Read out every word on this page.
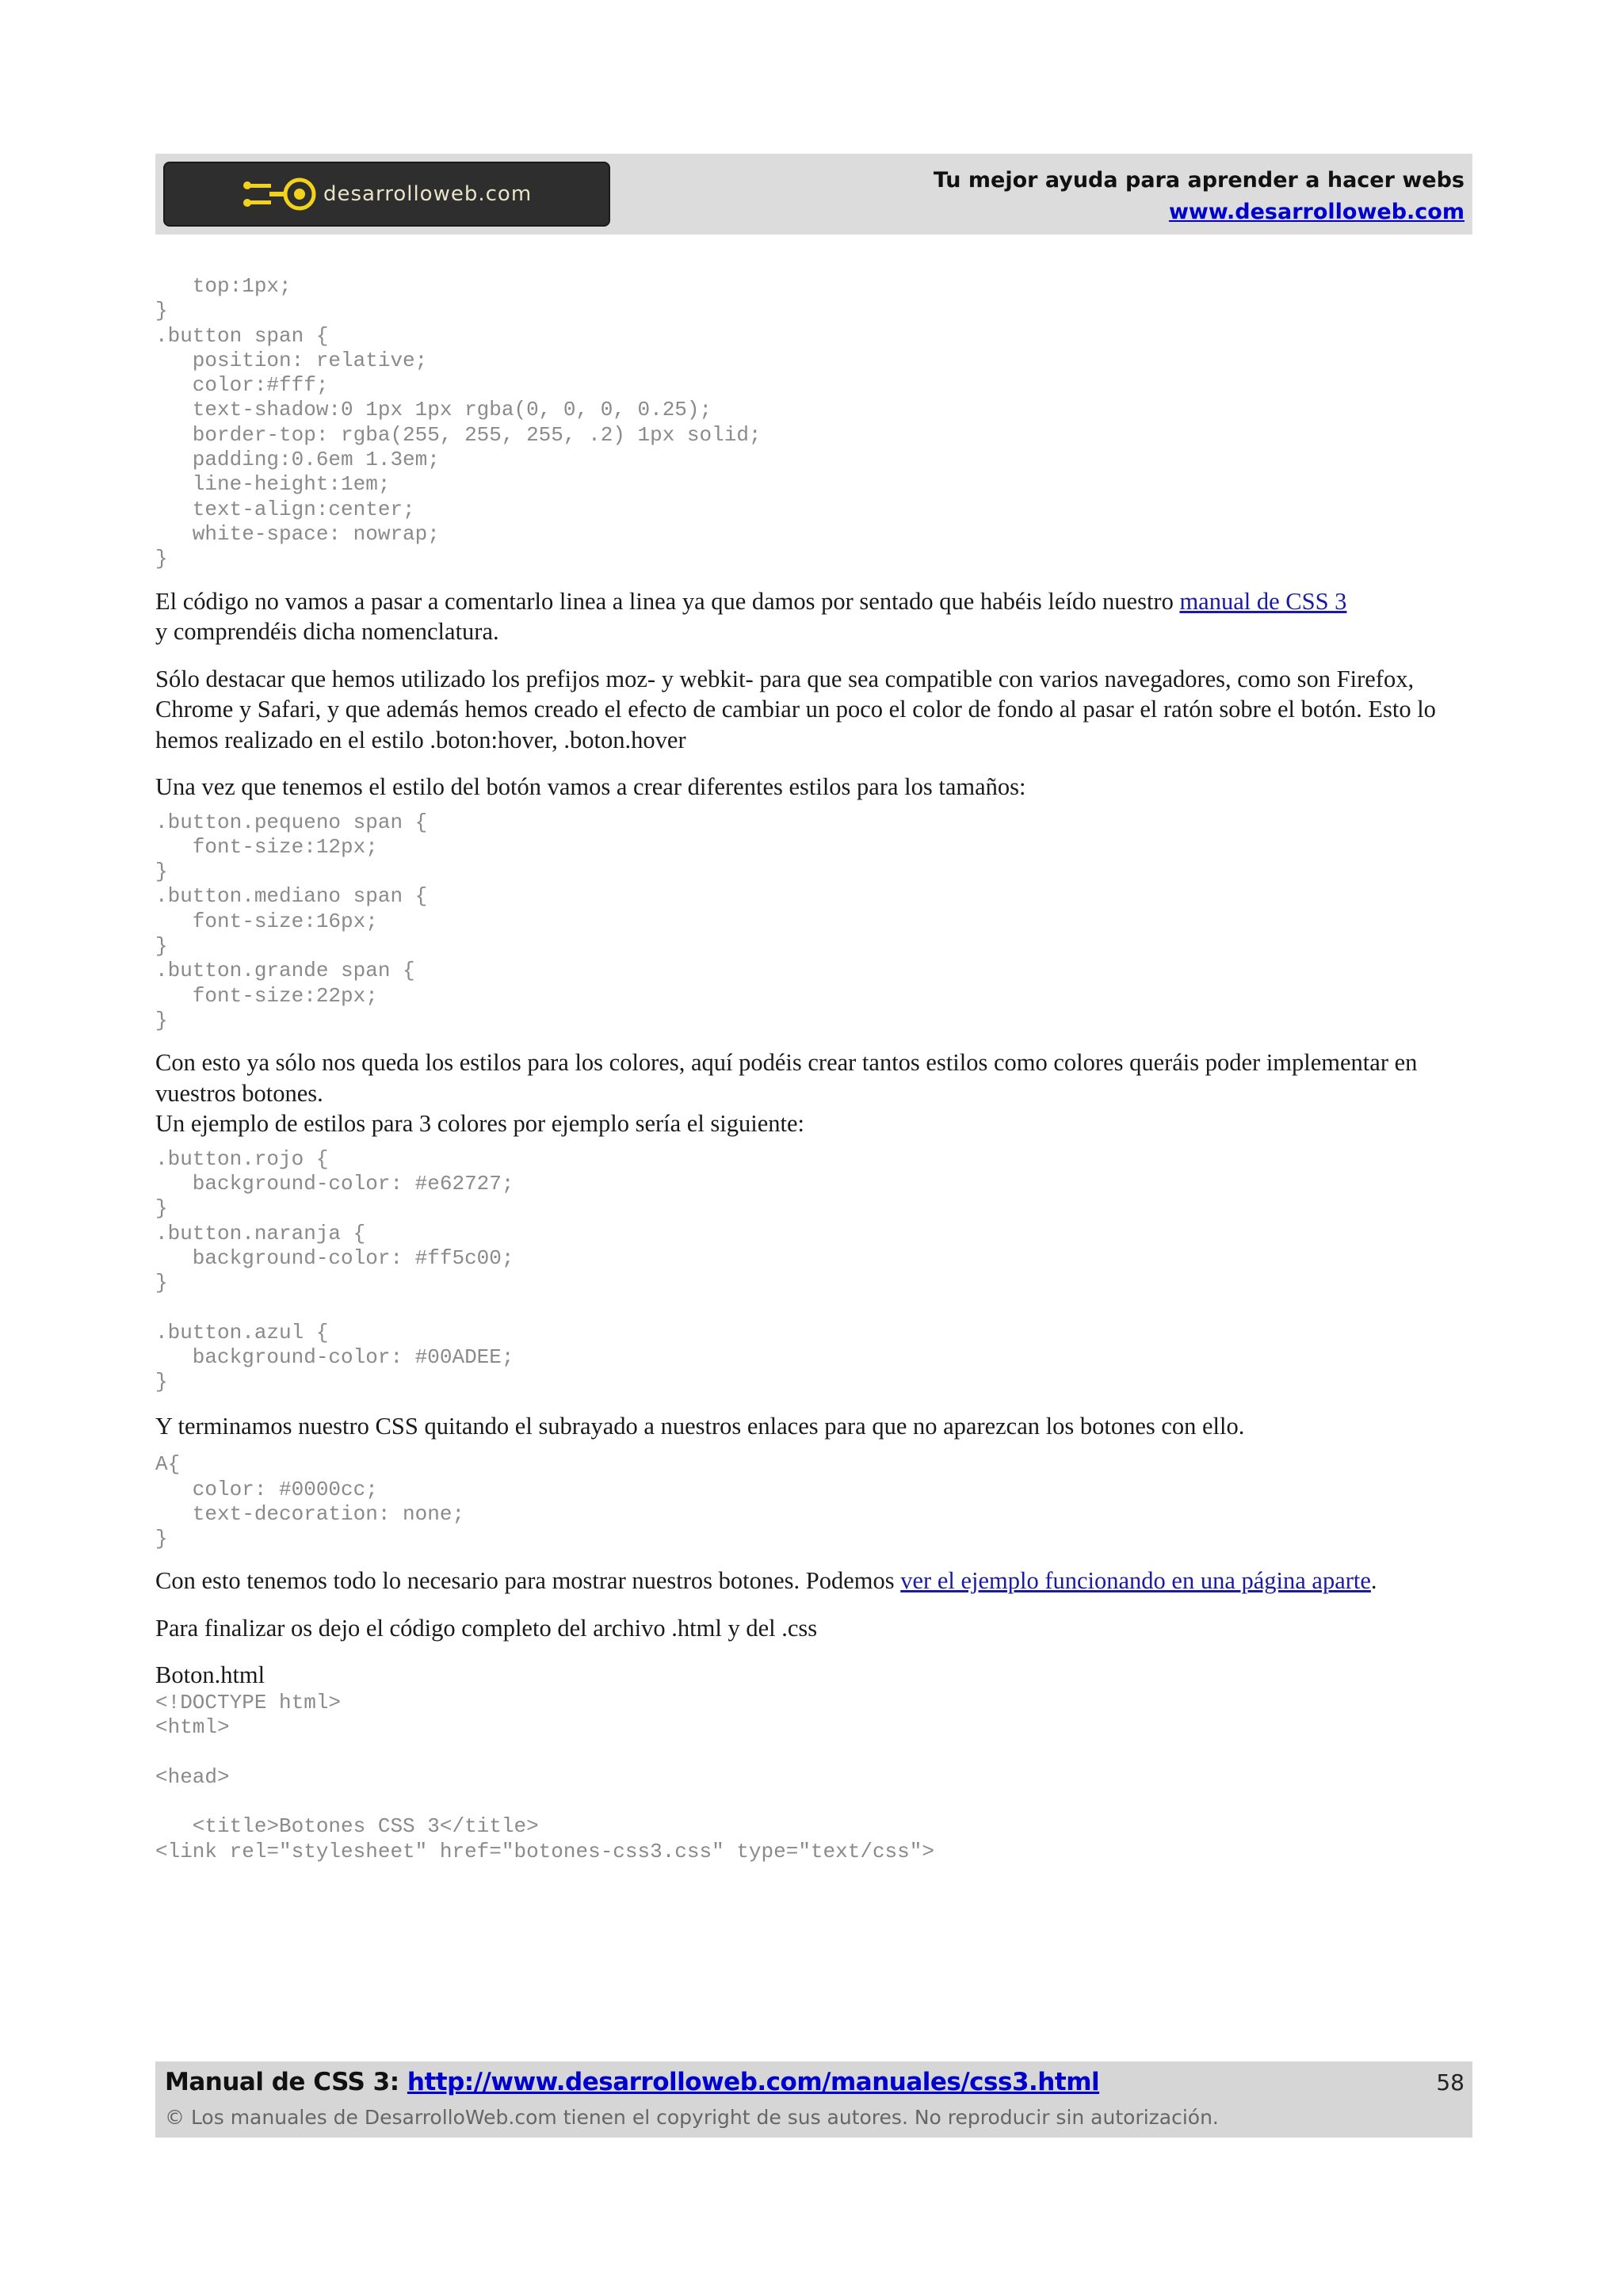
desarrolloweb.com
Tu mejor ayuda para aprender a hacer webs
www.desarrolloweb.com
top:1px;
}
.button span {
position: relative;
color:#fff;
text-shadow:0 1px 1px rgba(0, 0, 0, 0.25);
border-top: rgba(255, 255, 255, .2) 1px solid;
padding:0.6em 1.3em;
line-height:1em;
text-align:center;
white-space: nowrap;
}

El código no vamos a pasar a comentarlo linea a linea ya que damos por sentado que habéis leído nuestro manual de CSS 3
y comprendéis dicha nomenclatura.

Sólo destacar que hemos utilizado los prefijos moz- y webkit- para que sea compatible con varios navegadores, como son Firefox, Chrome y Safari, y que además hemos creado el efecto de cambiar un poco el color de fondo al pasar el ratón sobre el botón. Esto lo hemos realizado en el estilo .boton:hover, .boton.hover

Una vez que tenemos el estilo del botón vamos a crear diferentes estilos para los tamaños:

.button.pequeno span {
font-size:12px;
}
.button.mediano span {
font-size:16px;
}
.button.grande span {
font-size:22px;
}

Con esto ya sólo nos queda los estilos para los colores, aquí podéis crear tantos estilos como colores queráis poder implementar en vuestros botones.
Un ejemplo de estilos para 3 colores por ejemplo sería el siguiente:

.button.rojo {
background-color: #e62727;
}
.button.naranja {
background-color: #ff5c00;
}

.button.azul {
background-color: #00ADEE;
}

Y terminamos nuestro CSS quitando el subrayado a nuestros enlaces para que no aparezcan los botones con ello.

A{
color: #0000cc;
text-decoration: none;
}

Con esto tenemos todo lo necesario para mostrar nuestros botones. Podemos ver el ejemplo funcionando en una página aparte.

Para finalizar os dejo el código completo del archivo .html y del .css

Boton.html

<!DOCTYPE html>
<html>

<head>

<title>Botones CSS 3</title>
<link rel="stylesheet" href="botones-css3.css" type="text/css">
Manual de CSS 3: http://www.desarrolloweb.com/manuales/css3.html
© Los manuales de DesarrolloWeb.com tienen el copyright de sus autores. No reproducir sin autorización.
58
